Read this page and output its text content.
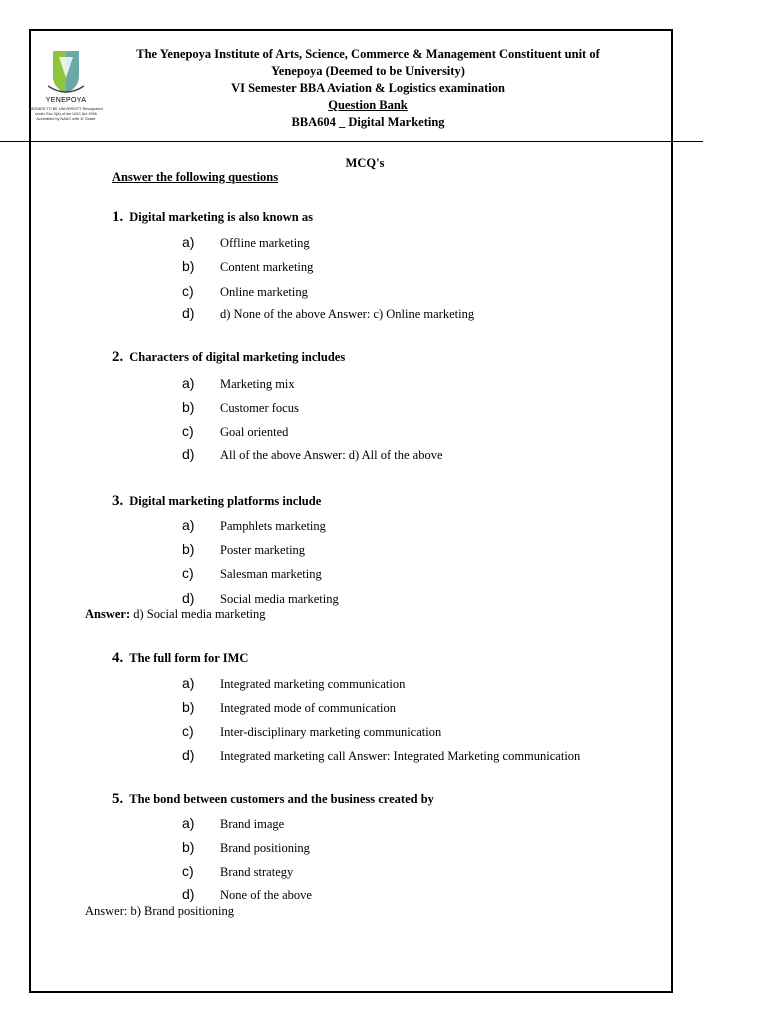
YENEPOYA
DEEMED TO BE UNIVERSITY Recognized under Sec 3(A) of the UGC Act 1956 Accredited by NAAC with 'A' Grade
The Yenepoya Institute of Arts, Science, Commerce & Management Constituent unit of
Yenepoya (Deemed to be University)
VI Semester BBA Aviation & Logistics examination
Question Bank
BBA604 _ Digital Marketing
MCQ's
Answer the following questions
1. Digital marketing is also known as
a) Offline marketing
b) Content marketing
c) Online marketing
d) d) None of the above Answer: c) Online marketing
2. Characters of digital marketing includes
a) Marketing mix
b) Customer focus
c) Goal oriented
d) All of the above Answer: d) All of the above
3. Digital marketing platforms include
a) Pamphlets marketing
b) Poster marketing
c) Salesman marketing
d) Social media marketing
Answer: d) Social media marketing
4. The full form for IMC
a) Integrated marketing communication
b) Integrated mode of communication
c) Inter-disciplinary marketing communication
d) Integrated marketing call Answer: Integrated Marketing communication
5. The bond between customers and the business created by
a) Brand image
b) Brand positioning
c) Brand strategy
d) None of the above
Answer: b) Brand positioning
